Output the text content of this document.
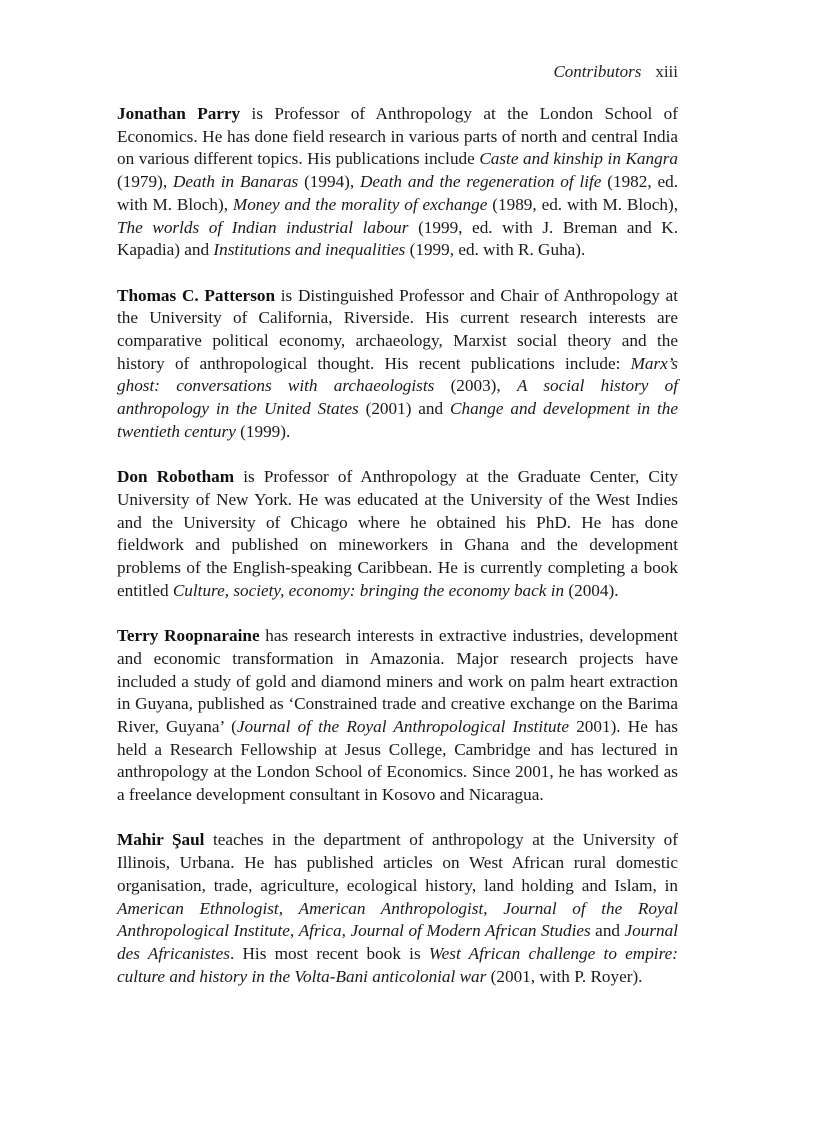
Contributors xiii

Jonathan Parry is Professor of Anthropology at the London School of Economics. He has done field research in various parts of north and central India on various different topics. His publications include Caste and kinship in Kangra (1979), Death in Banaras (1994), Death and the regeneration of life (1982, ed. with M. Bloch), Money and the morality of exchange (1989, ed. with M. Bloch), The worlds of Indian industrial labour (1999, ed. with J. Breman and K. Kapadia) and Institutions and inequalities (1999, ed. with R. Guha).

Thomas C. Patterson is Distinguished Professor and Chair of Anthropology at the University of California, Riverside. His current research interests are comparative political economy, archaeology, Marxist social theory and the history of anthropological thought. His recent publications include: Marx’s ghost: conversations with archaeologists (2003), A social history of anthropology in the United States (2001) and Change and development in the twentieth century (1999).

Don Robotham is Professor of Anthropology at the Graduate Center, City University of New York. He was educated at the University of the West Indies and the University of Chicago where he obtained his PhD. He has done fieldwork and published on mineworkers in Ghana and the development problems of the English-speaking Caribbean. He is currently completing a book entitled Culture, society, economy: bringing the economy back in (2004).

Terry Roopnaraine has research interests in extractive industries, development and economic transformation in Amazonia. Major research projects have included a study of gold and diamond miners and work on palm heart extraction in Guyana, published as ‘Constrained trade and creative exchange on the Barima River, Guyana’ (Journal of the Royal Anthropological Institute 2001). He has held a Research Fellowship at Jesus College, Cambridge and has lectured in anthropology at the London School of Economics. Since 2001, he has worked as a freelance development consultant in Kosovo and Nicaragua.

Mahir Şaul teaches in the department of anthropology at the University of Illinois, Urbana. He has published articles on West African rural domestic organisation, trade, agriculture, ecological history, land holding and Islam, in American Ethnologist, American Anthropologist, Journal of the Royal Anthropological Institute, Africa, Journal of Modern African Studies and Journal des Africanistes. His most recent book is West African challenge to empire: culture and history in the Volta-Bani anticolonial war (2001, with P. Royer).
